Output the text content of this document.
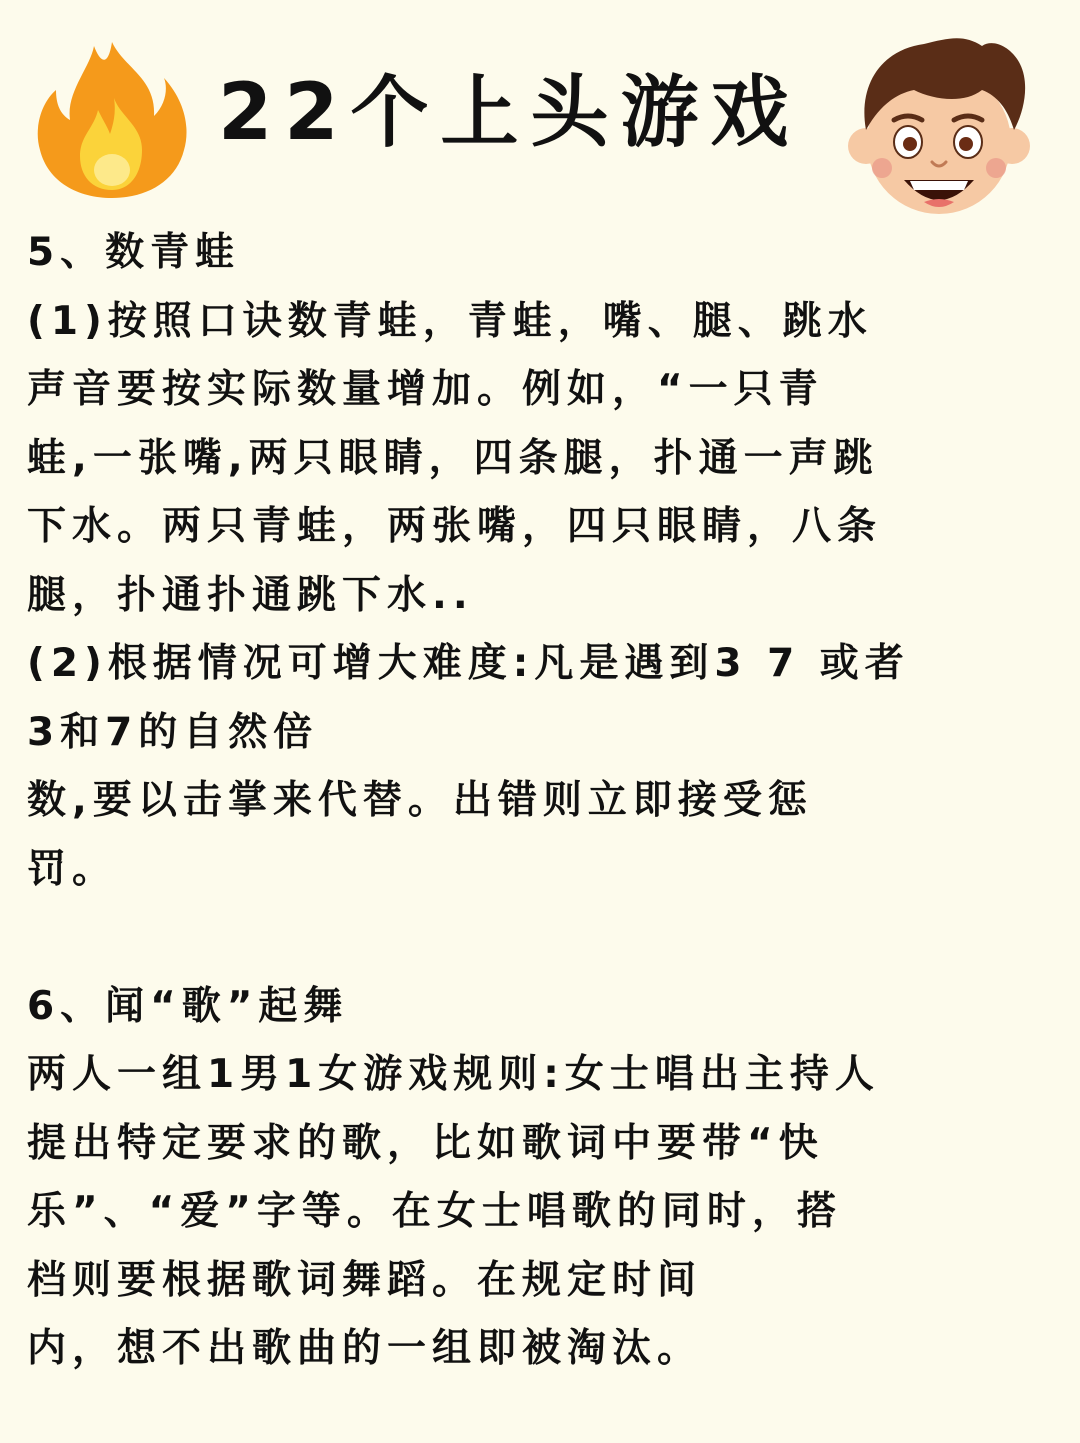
22个上头游戏

5、数青蛙

(1)按照口诀数青蛙，青蛙，嘴、腿、跳水

声音要按实际数量增加。例如，“一只青

蛙,一张嘴,两只眼睛，四条腿，扑通一声跳

下水。两只青蛙，两张嘴，四只眼睛，八条

腿，扑通扑通跳下水..

(2)根据情况可增大难度:凡是遇到3 7 或者

3和7的自然倍

数,要以击掌来代替。出错则立即接受惩

罚。

6、闻“歌”起舞

两人一组1男1女游戏规则:女士唱出主持人

提出特定要求的歌，比如歌词中要带“快

乐”、“爱”字等。在女士唱歌的同时，搭

档则要根据歌词舞蹈。在规定时间

内，想不出歌曲的一组即被淘汰。
